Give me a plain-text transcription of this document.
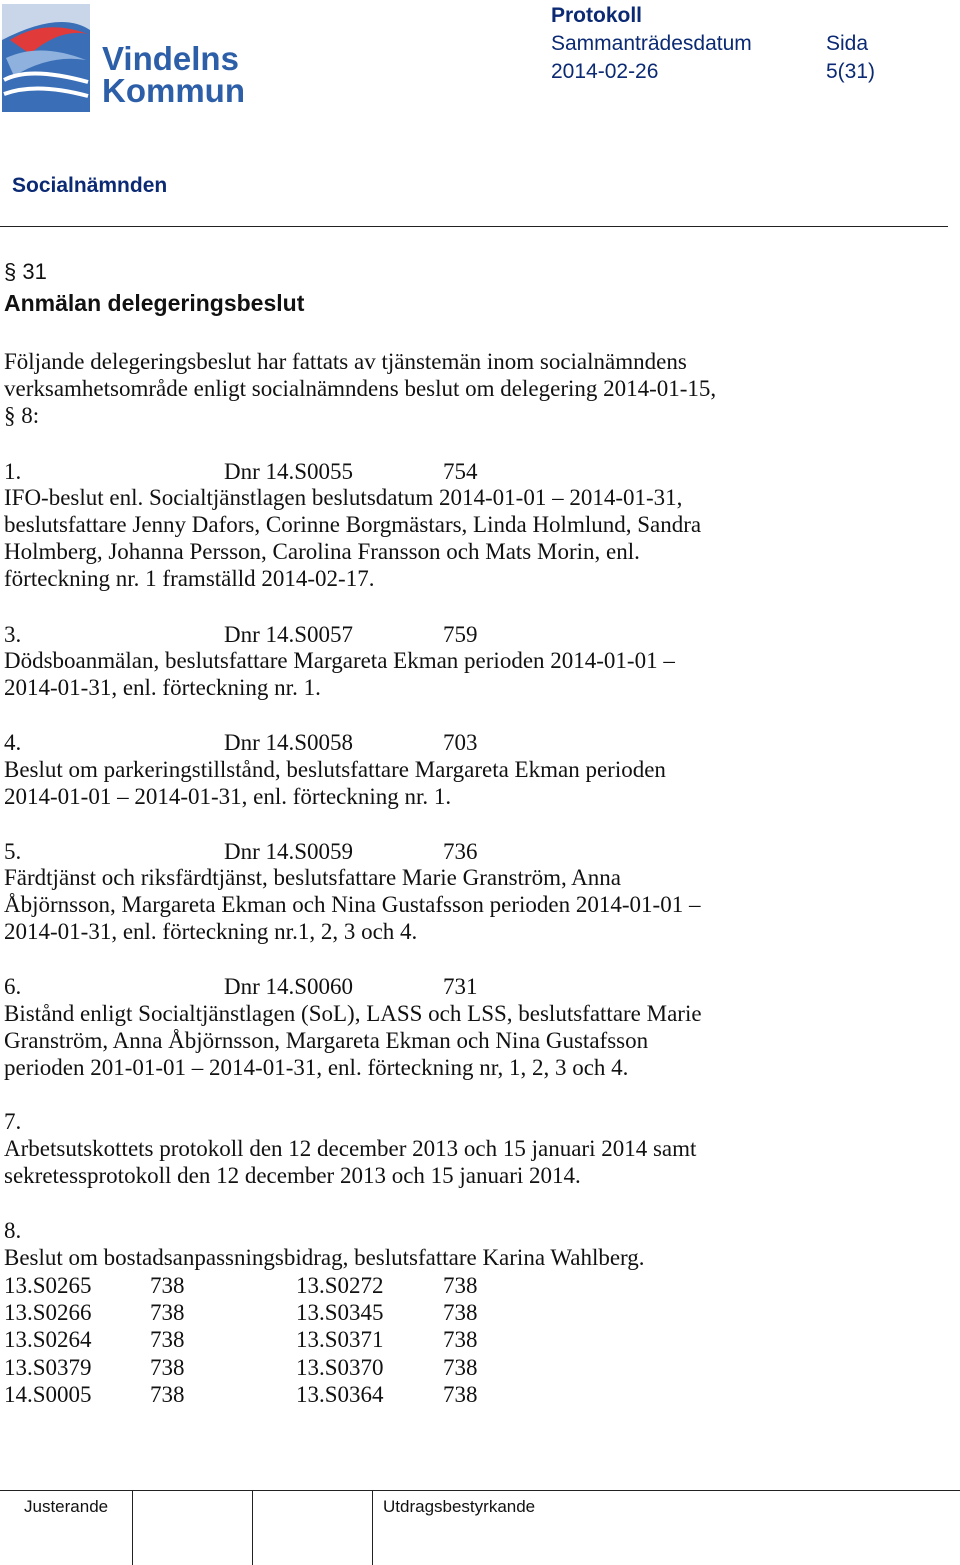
Vindelns
Kommun
Protokoll
Sammanträdesdatum	Sida
2014-02-26	5(31)
Socialnämnden
§ 31
Anmälan delegeringsbeslut

Följande delegeringsbeslut har fattats av tjänstemän inom socialnämndens
verksamhetsområde enligt socialnämndens beslut om delegering 2014-01-15,
§ 8:

1.	Dnr 14.S0055	754

IFO-beslut enl. Socialtjänstlagen beslutsdatum 2014-01-01 – 2014-01-31,
beslutsfattare Jenny Dafors, Corinne Borgmästars, Linda Holmlund, Sandra
Holmberg, Johanna Persson, Carolina Fransson och Mats Morin, enl.
förteckning nr. 1 framställd 2014-02-17.

3.	Dnr 14.S0057	759

Dödsboanmälan, beslutsfattare Margareta Ekman perioden 2014-01-01 –
2014-01-31, enl. förteckning nr. 1.

4.	Dnr 14.S0058	703

Beslut om parkeringstillstånd, beslutsfattare Margareta Ekman perioden
2014-01-01 – 2014-01-31, enl. förteckning nr. 1.

5.	Dnr 14.S0059	736

Färdtjänst och riksfärdtjänst, beslutsfattare Marie Granström, Anna
Åbjörnsson, Margareta Ekman och Nina Gustafsson perioden 2014-01-01 –
2014-01-31, enl. förteckning nr.1, 2, 3 och 4.

6.	Dnr 14.S0060	731

Bistånd enligt Socialtjänstlagen (SoL), LASS och LSS, beslutsfattare Marie
Granström, Anna Åbjörnsson, Margareta Ekman och Nina Gustafsson
perioden 201-01-01 – 2014-01-31, enl. förteckning nr, 1, 2, 3 och 4.

7.

Arbetsutskottets protokoll den 12 december 2013 och 15 januari 2014 samt
sekretessprotokoll den 12 december 2013 och 15 januari 2014.

8.

Beslut om bostadsanpassningsbidrag, beslutsfattare Karina Wahlberg.

13.S0265	738	13.S0272	738
13.S0266	738	13.S0345	738
13.S0264	738	13.S0371	738
13.S0379	738	13.S0370	738
14.S0005	738	13.S0364	738
Justerande	Utdragsbestyrkande
